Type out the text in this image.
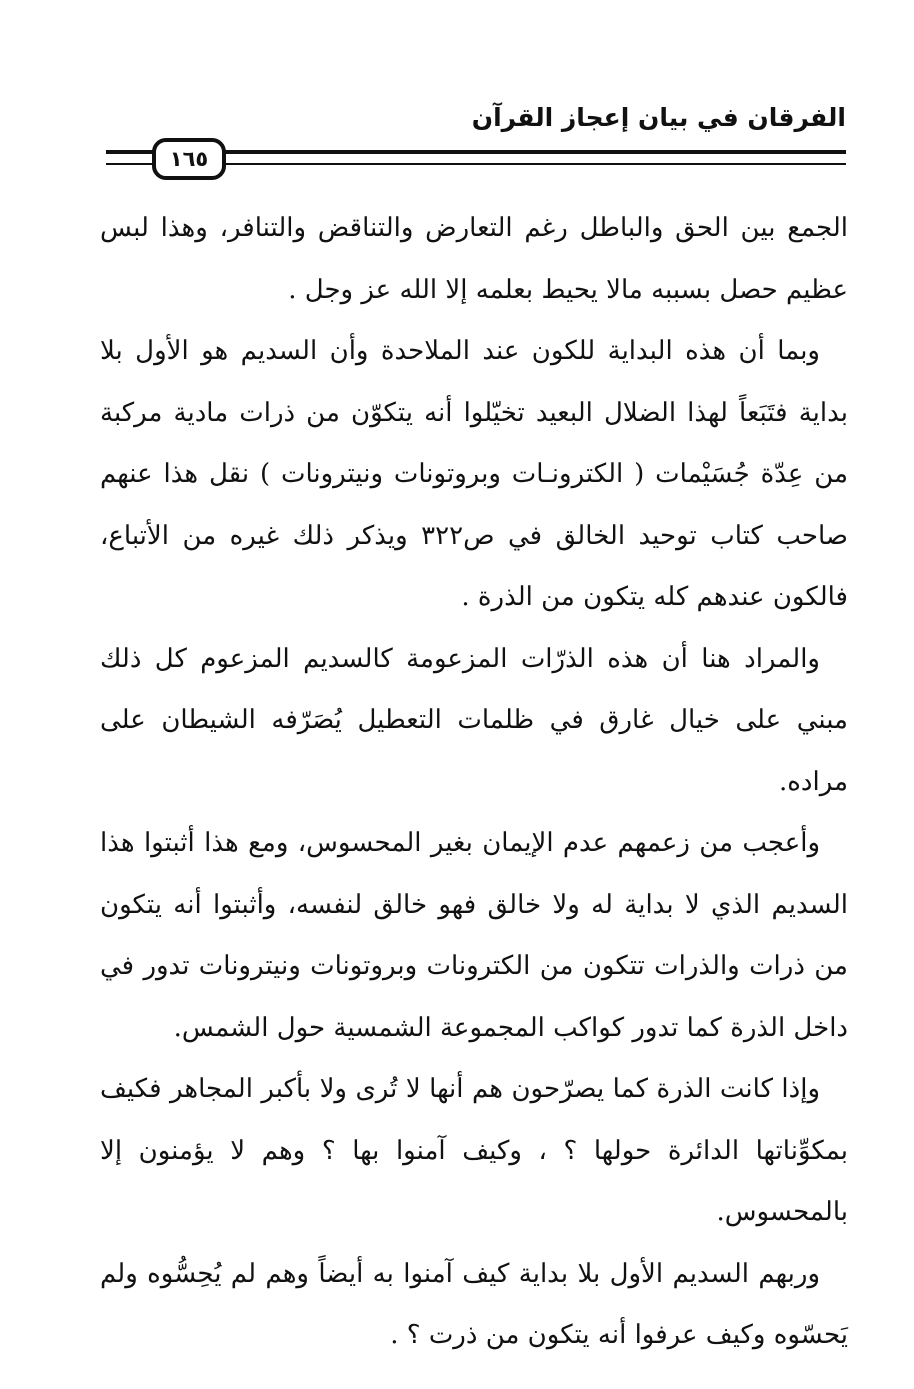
الفرقان في بيان إعجاز القرآن
١٦٥

الجمع بين الحق والباطل رغم التعارض والتناقض والتنافر، وهذا لبس عظيم حصل بسببه مالا يحيط بعلمه إلا الله عز وجل .

وبما أن هذه البداية للكون عند الملاحدة وأن السديم هو الأول بلا بداية فتَبَعاً لهذا الضلال البعيد تخيّلوا أنه يتكوّن من ذرات مادية مركبة من عِدّة جُسَيْمات ( الكترونـات وبروتونات ونيترونات ) نقل هذا عنهم صاحب كتاب توحيد الخالق في ص٣٢٢ ويذكر ذلك غيره من الأتباع، فالكون عندهم كله يتكون من الذرة .

والمراد هنا أن هذه الذرّات المزعومة كالسديم المزعوم كل ذلك مبني على خيال غارق في ظلمات التعطيل يُصَرّفه الشيطان على مراده.

وأعجب من زعمهم عدم الإيمان بغير المحسوس، ومع هذا أثبتوا هذا السديم الذي لا بداية له ولا خالق فهو خالق لنفسه، وأثبتوا أنه يتكون من ذرات والذرات تتكون من الكترونات وبروتونات ونيترونات تدور في داخل الذرة كما تدور كواكب المجموعة الشمسية حول الشمس.

وإذا كانت الذرة كما يصرّحون هم أنها لا تُرى ولا بأكبر المجاهر فكيف بمكوِّناتها الدائرة حولها ؟ ، وكيف آمنوا بها ؟ وهم لا يؤمنون إلا بالمحسوس.

وربهم السديم الأول بلا بداية كيف آمنوا به أيضاً وهم لم يُحِسُّوه ولم يَحسّوه وكيف عرفوا أنه يتكون من ذرت ؟ .
